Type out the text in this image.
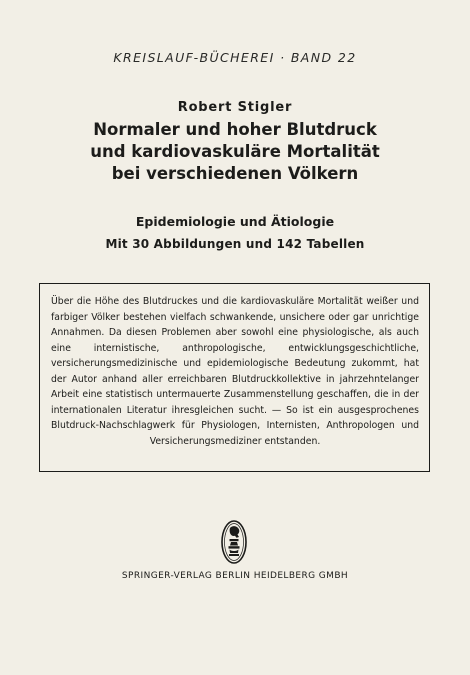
KREISLAUF-BÜCHEREI · BAND 22
Robert Stigler
Normaler und hoher Blutdruck
und kardiovaskuläre Mortalität
bei verschiedenen Völkern
Epidemiologie und Ätiologie
Mit 30 Abbildungen und 142 Tabellen

Über die Höhe des Blutdruckes und die kardiovaskuläre Mortalität weißer und farbiger Völker bestehen vielfach schwankende, unsichere oder gar unrichtige Annahmen. Da diesen Problemen aber sowohl eine physiologische, als auch eine internistische, anthropologische, entwicklungsgeschichtliche, versicherungsmedizinische und epidemiologische Bedeutung zukommt, hat der Autor anhand aller erreichbaren Blutdruckkollektive in jahrzehntelanger Arbeit eine statistisch untermauerte Zusammenstellung geschaffen, die in der internationalen Literatur ihresgleichen sucht. — So ist ein ausgesprochenes Blutdruck-Nachschlagwerk für Physiologen, Internisten, Anthropologen und Versicherungsmediziner entstanden.

SPRINGER-VERLAG BERLIN HEIDELBERG GMBH
